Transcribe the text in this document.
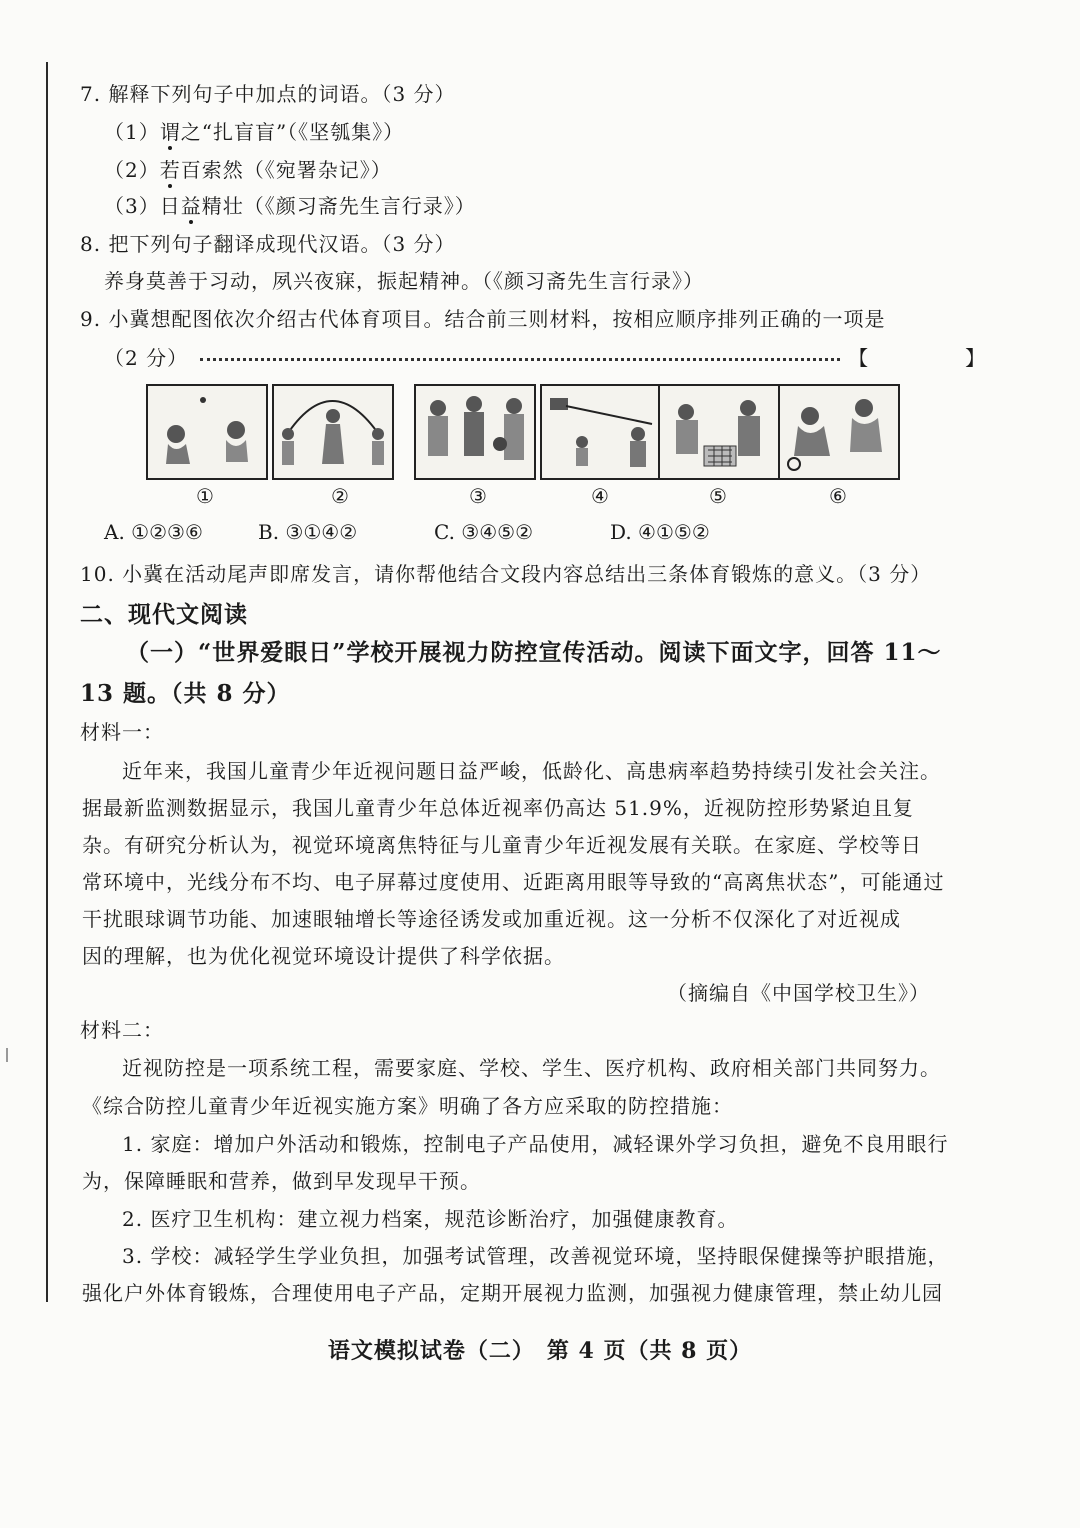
7. 解释下列句子中加点的词语。（3 分）
（1）谓之“扎盲盲”（《坚瓠集》）
（2）若百索然（《宛署杂记》）
（3）日益精壮（《颜习斋先生言行录》）
8. 把下列句子翻译成现代汉语。（3 分）
养身莫善于习动，夙兴夜寐，振起精神。（《颜习斋先生言行录》）
9. 小冀想配图依次介绍古代体育项目。结合前三则材料，按相应顺序排列正确的一项是
（2 分）	【	】
①	②	③	④	⑤	⑥
A. ①②③⑥	B. ③①④②	C. ③④⑤②	D. ④①⑤②
10. 小冀在活动尾声即席发言，请你帮他结合文段内容总结出三条体育锻炼的意义。（3 分）
二、现代文阅读
（一）“世界爱眼日”学校开展视力防控宣传活动。阅读下面文字，回答 11～
13 题。（共 8 分）
材料一：
近年来，我国儿童青少年近视问题日益严峻，低龄化、高患病率趋势持续引发社会关注。
据最新监测数据显示，我国儿童青少年总体近视率仍高达 51.9%，近视防控形势紧迫且复
杂。有研究分析认为，视觉环境离焦特征与儿童青少年近视发展有关联。在家庭、学校等日
常环境中，光线分布不均、电子屏幕过度使用、近距离用眼等导致的“高离焦状态”，可能通过
干扰眼球调节功能、加速眼轴增长等途径诱发或加重近视。这一分析不仅深化了对近视成
因的理解，也为优化视觉环境设计提供了科学依据。
（摘编自《中国学校卫生》）
材料二：
近视防控是一项系统工程，需要家庭、学校、学生、医疗机构、政府相关部门共同努力。
《综合防控儿童青少年近视实施方案》明确了各方应采取的防控措施：
1. 家庭：增加户外活动和锻炼，控制电子产品使用，减轻课外学习负担，避免不良用眼行
为，保障睡眠和营养，做到早发现早干预。
2. 医疗卫生机构：建立视力档案，规范诊断治疗，加强健康教育。
3. 学校：减轻学生学业负担，加强考试管理，改善视觉环境，坚持眼保健操等护眼措施，
强化户外体育锻炼，合理使用电子产品，定期开展视力监测，加强视力健康管理，禁止幼儿园
语文模拟试卷（二）　第 4 页（共 8 页）
